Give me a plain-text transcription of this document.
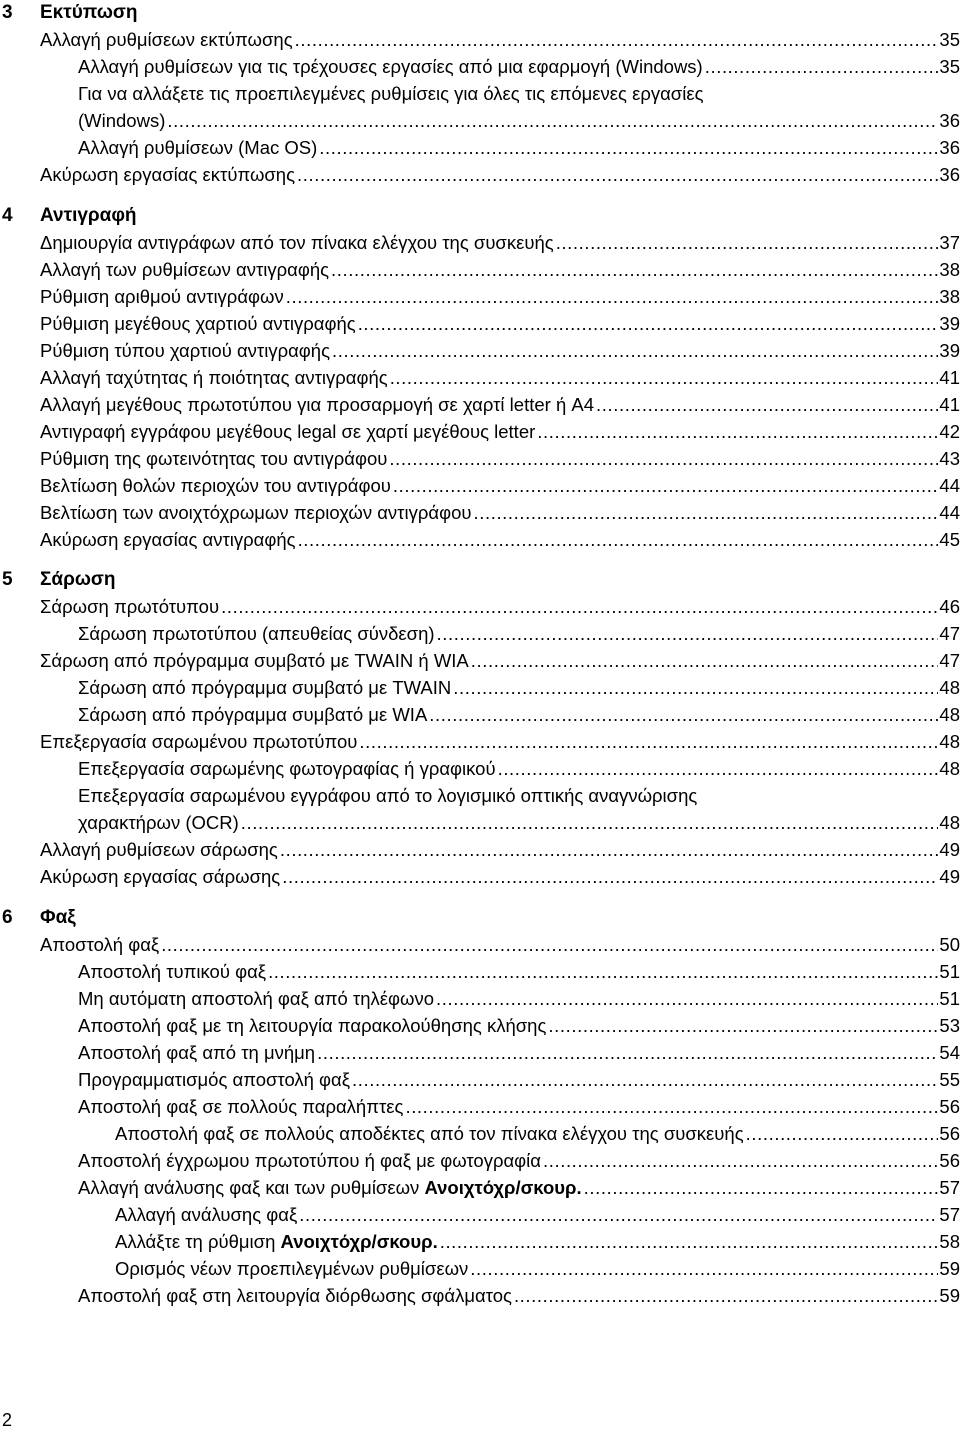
3 Εκτύπωση
Αλλαγή ρυθμίσεων εκτύπωσης .....	35
Αλλαγή ρυθμίσεων για τις τρέχουσες εργασίες από μια εφαρμογή (Windows) .....	35
Για να αλλάξετε τις προεπιλεγμένες ρυθμίσεις για όλες τις επόμενες εργασίες
(Windows) .....	36
Αλλαγή ρυθμίσεων (Mac OS) .....	36
Ακύρωση εργασίας εκτύπωσης .....	36
4 Αντιγραφή
Δημιουργία αντιγράφων από τον πίνακα ελέγχου της συσκευής .....	37
Αλλαγή των ρυθμίσεων αντιγραφής .....	38
Ρύθμιση αριθμού αντιγράφων .....	38
Ρύθμιση μεγέθους χαρτιού αντιγραφής .....	39
Ρύθμιση τύπου χαρτιού αντιγραφής .....	39
Αλλαγή ταχύτητας ή ποιότητας αντιγραφής .....	41
Αλλαγή μεγέθους πρωτοτύπου για προσαρμογή σε χαρτί letter ή A4 .....	41
Αντιγραφή εγγράφου μεγέθους legal σε χαρτί μεγέθους letter .....	42
Ρύθμιση της φωτεινότητας του αντιγράφου .....	43
Βελτίωση θολών περιοχών του αντιγράφου .....	44
Βελτίωση των ανοιχτόχρωμων περιοχών αντιγράφου .....	44
Ακύρωση εργασίας αντιγραφής .....	45
5 Σάρωση
Σάρωση πρωτότυπου .....	46
Σάρωση πρωτοτύπου (απευθείας σύνδεση) .....	47
Σάρωση από πρόγραμμα συμβατό με TWAIN ή WIA .....	47
Σάρωση από πρόγραμμα συμβατό με TWAIN .....	48
Σάρωση από πρόγραμμα συμβατό με WIA .....	48
Επεξεργασία σαρωμένου πρωτοτύπου .....	48
Επεξεργασία σαρωμένης φωτογραφίας ή γραφικού .....	48
Επεξεργασία σαρωμένου εγγράφου από το λογισμικό οπτικής αναγνώρισης
χαρακτήρων (OCR) .....	48
Αλλαγή ρυθμίσεων σάρωσης .....	49
Ακύρωση εργασίας σάρωσης .....	49
6 Φαξ
Αποστολή φαξ .....	50
Αποστολή τυπικού φαξ .....	51
Μη αυτόματη αποστολή φαξ από τηλέφωνο .....	51
Αποστολή φαξ με τη λειτουργία παρακολούθησης κλήσης .....	53
Αποστολή φαξ από τη μνήμη .....	54
Προγραμματισμός αποστολή φαξ .....	55
Αποστολή φαξ σε πολλούς παραλήπτες .....	56
Αποστολή φαξ σε πολλούς αποδέκτες από τον πίνακα ελέγχου της συσκευής .....	56
Αποστολή έγχρωμου πρωτοτύπου ή φαξ με φωτογραφία .....	56
Αλλαγή ανάλυσης φαξ και των ρυθμίσεων Ανοιχτόχρ/σκουρ. .....	57
Αλλαγή ανάλυσης φαξ .....	57
Αλλάξτε τη ρύθμιση Ανοιχτόχρ/σκουρ. .....	58
Ορισμός νέων προεπιλεγμένων ρυθμίσεων .....	59
Αποστολή φαξ στη λειτουργία διόρθωσης σφάλματος .....	59
2
